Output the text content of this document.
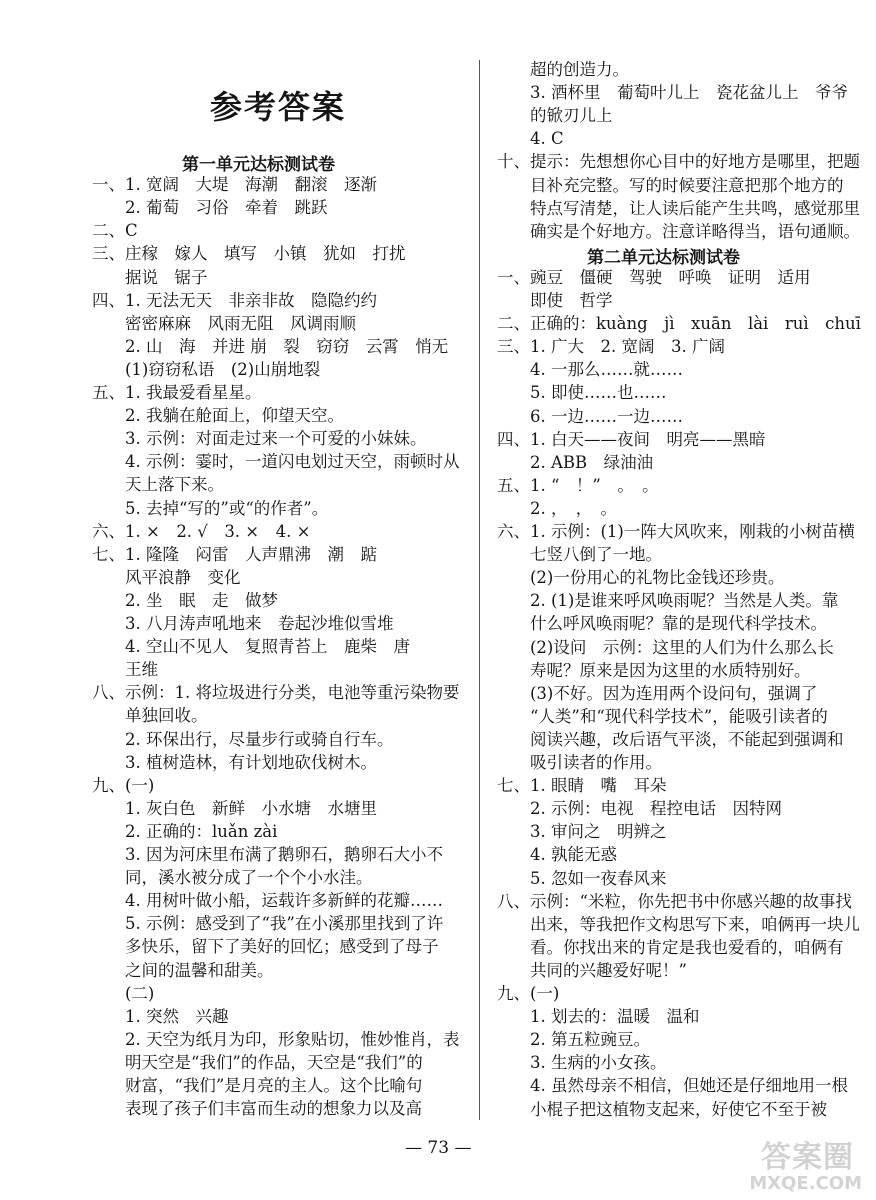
参考答案
第一单元达标测试卷
一、1. 宽阔　大堤　海潮　翻滚　逐渐
　　2. 葡萄　习俗　牵着　跳跃
二、C
三、庄稼　嫁人　填写　小镇　犹如　打扰
　　据说　锯子
四、1. 无法无天　非亲非故　隐隐约约
　　密密麻麻　风雨无阻　风调雨顺
　　2. 山　海　并进 崩　裂　窃窃　云霄　悄无
　　(1)窃窃私语　(2)山崩地裂
五、1. 我最爱看星星。
　　2. 我躺在舱面上，仰望天空。
　　3. 示例：对面走过来一个可爱的小妹妹。
　　4. 示例：霎时，一道闪电划过天空，雨顿时从
　　天上落下来。
　　5. 去掉“写的”或“的作者”。
六、1. ×　2. √　3. ×　4. ×
七、1. 隆隆　闷雷　人声鼎沸　潮　踮
　　风平浪静　变化
　　2. 坐　眠　走　做梦
　　3. 八月涛声吼地来　卷起沙堆似雪堆
　　4. 空山不见人　复照青苔上　鹿柴　唐
　　王维
八、示例：1. 将垃圾进行分类，电池等重污染物要
　　单独回收。
　　2. 环保出行，尽量步行或骑自行车。
　　3. 植树造林，有计划地砍伐树木。
九、(一)
　　1. 灰白色　新鲜　小水塘　水塘里
　　2. 正确的：luǎn zài
　　3. 因为河床里布满了鹅卵石，鹅卵石大小不
　　同，溪水被分成了一个个小水洼。
　　4. 用树叶做小船，运载许多新鲜的花瓣……
　　5. 示例：感受到了“我”在小溪那里找到了许
　　多快乐，留下了美好的回忆；感受到了母子
　　之间的温馨和甜美。
　　(二)
　　1. 突然　兴趣
　　2. 天空为纸月为印，形象贴切，惟妙惟肖，表
　　明天空是“我们”的作品，天空是“我们”的
　　财富，“我们”是月亮的主人。这个比喻句
　　表现了孩子们丰富而生动的想象力以及高
　　超的创造力。
　　3. 酒杯里　葡萄叶儿上　瓷花盆儿上　爷爷
　　的锨刃儿上
　　4. C
十、提示：先想想你心目中的好地方是哪里，把题
　　目补充完整。写的时候要注意把那个地方的
　　特点写清楚，让人读后能产生共鸣，感觉那里
　　确实是个好地方。注意详略得当，语句通顺。
第二单元达标测试卷
一、豌豆　僵硬　驾驶　呼唤　证明　适用
　　即使　哲学
二、正确的：kuàng　jì　xuān　lài　ruì　chuī
三、1. 广大　2. 宽阔　3. 广阔
　　4. 一那么……就……
　　5. 即使……也……
　　6. 一边……一边……
四、1. 白天——夜间　明亮——黑暗
　　2. ABB　绿油油
五、1. “　！”　。　。
　　2. ，　，　。
六、1. 示例：(1)一阵大风吹来，刚栽的小树苗横
　　七竖八倒了一地。
　　(2)一份用心的礼物比金钱还珍贵。
　　2. (1)是谁来呼风唤雨呢？当然是人类。靠
　　什么呼风唤雨呢？靠的是现代科学技术。
　　(2)设问　示例：这里的人们为什么那么长
　　寿呢？原来是因为这里的水质特别好。
　　(3)不好。因为连用两个设问句，强调了
　　“人类”和“现代科学技术”，能吸引读者的
　　阅读兴趣，改后语气平淡，不能起到强调和
　　吸引读者的作用。
七、1. 眼睛　嘴　耳朵
　　2. 示例：电视　程控电话　因特网
　　3. 审问之　明辨之
　　4. 孰能无惑
　　5. 忽如一夜春风来
八、示例：“米粒，你先把书中你感兴趣的故事找
　　出来，等我把作文构思写下来，咱俩再一块儿
　　看。你找出来的肯定是我也爱看的，咱俩有
　　共同的兴趣爱好呢！”
九、(一)
　　1. 划去的：温暖　温和
　　2. 第五粒豌豆。
　　3. 生病的小女孩。
　　4. 虽然母亲不相信，但她还是仔细地用一根
　　小棍子把这植物支起来，好使它不至于被
— 73 —	答案圈
MXQE.COM
